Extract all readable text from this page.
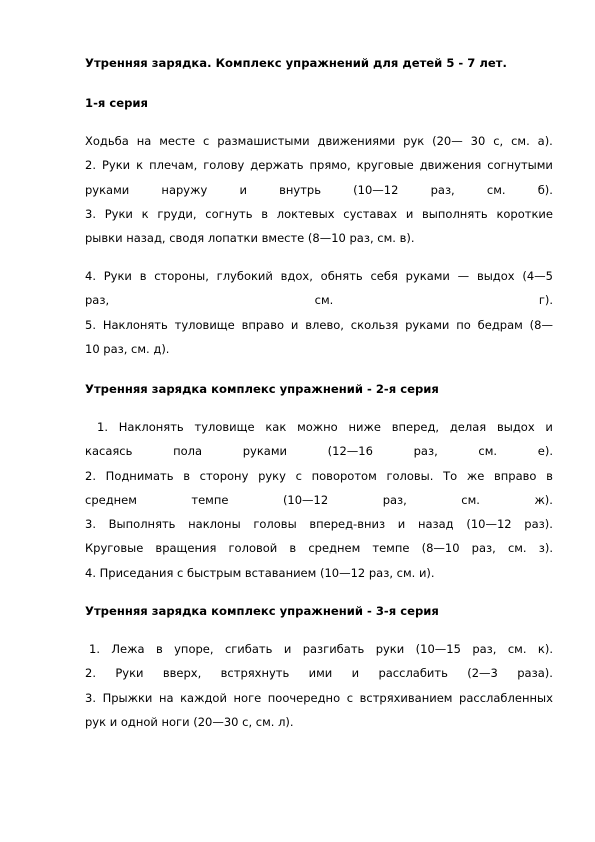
Утренняя зарядка. Комплекс упражнений для детей 5 - 7 лет.
1-я серия
Ходьба на месте с размашистыми движениями рук (20— 30 с, см. а).
2. Руки к плечам, голову держать прямо, круговые движения согнутыми
руками	наружу	и	внутрь	(10—12	раз,	см.	б).
3. Руки к груди, согнуть в локтевых суставах и выполнять короткие
рывки назад, сводя лопатки вместе (8—10 раз, см. в).
4. Руки в стороны, глубокий вдох, обнять себя руками — выдох (4—5
раз,	см.	г).
5. Наклонять туловище вправо и влево, скользя руками по бедрам (8—
10 раз, см. д).
Утренняя зарядка комплекс упражнений - 2-я серия
1. Наклонять туловище как можно ниже вперед, делая выдох и
касаясь	пола	руками	(12—16	раз,	см.	е).
2. Поднимать в сторону руку с поворотом головы. То же вправо в
среднем	темпе	(10—12	раз,	см.	ж).
3. Выполнять наклоны головы вперед-вниз и назад (10—12 раз).
Круговые вращения головой в среднем темпе (8—10 раз, см. з).
4. Приседания с быстрым вставанием (10—12 раз, см. и).
Утренняя зарядка комплекс упражнений - 3-я серия
1. Лежа в упоре, сгибать и разгибать руки (10—15 раз, см. к).
2. Руки вверх, встряхнуть ими и расслабить (2—3 раза).
3. Прыжки на каждой ноге поочередно с встряхиванием расслабленных
рук и одной ноги (20—30 с, см. л).
